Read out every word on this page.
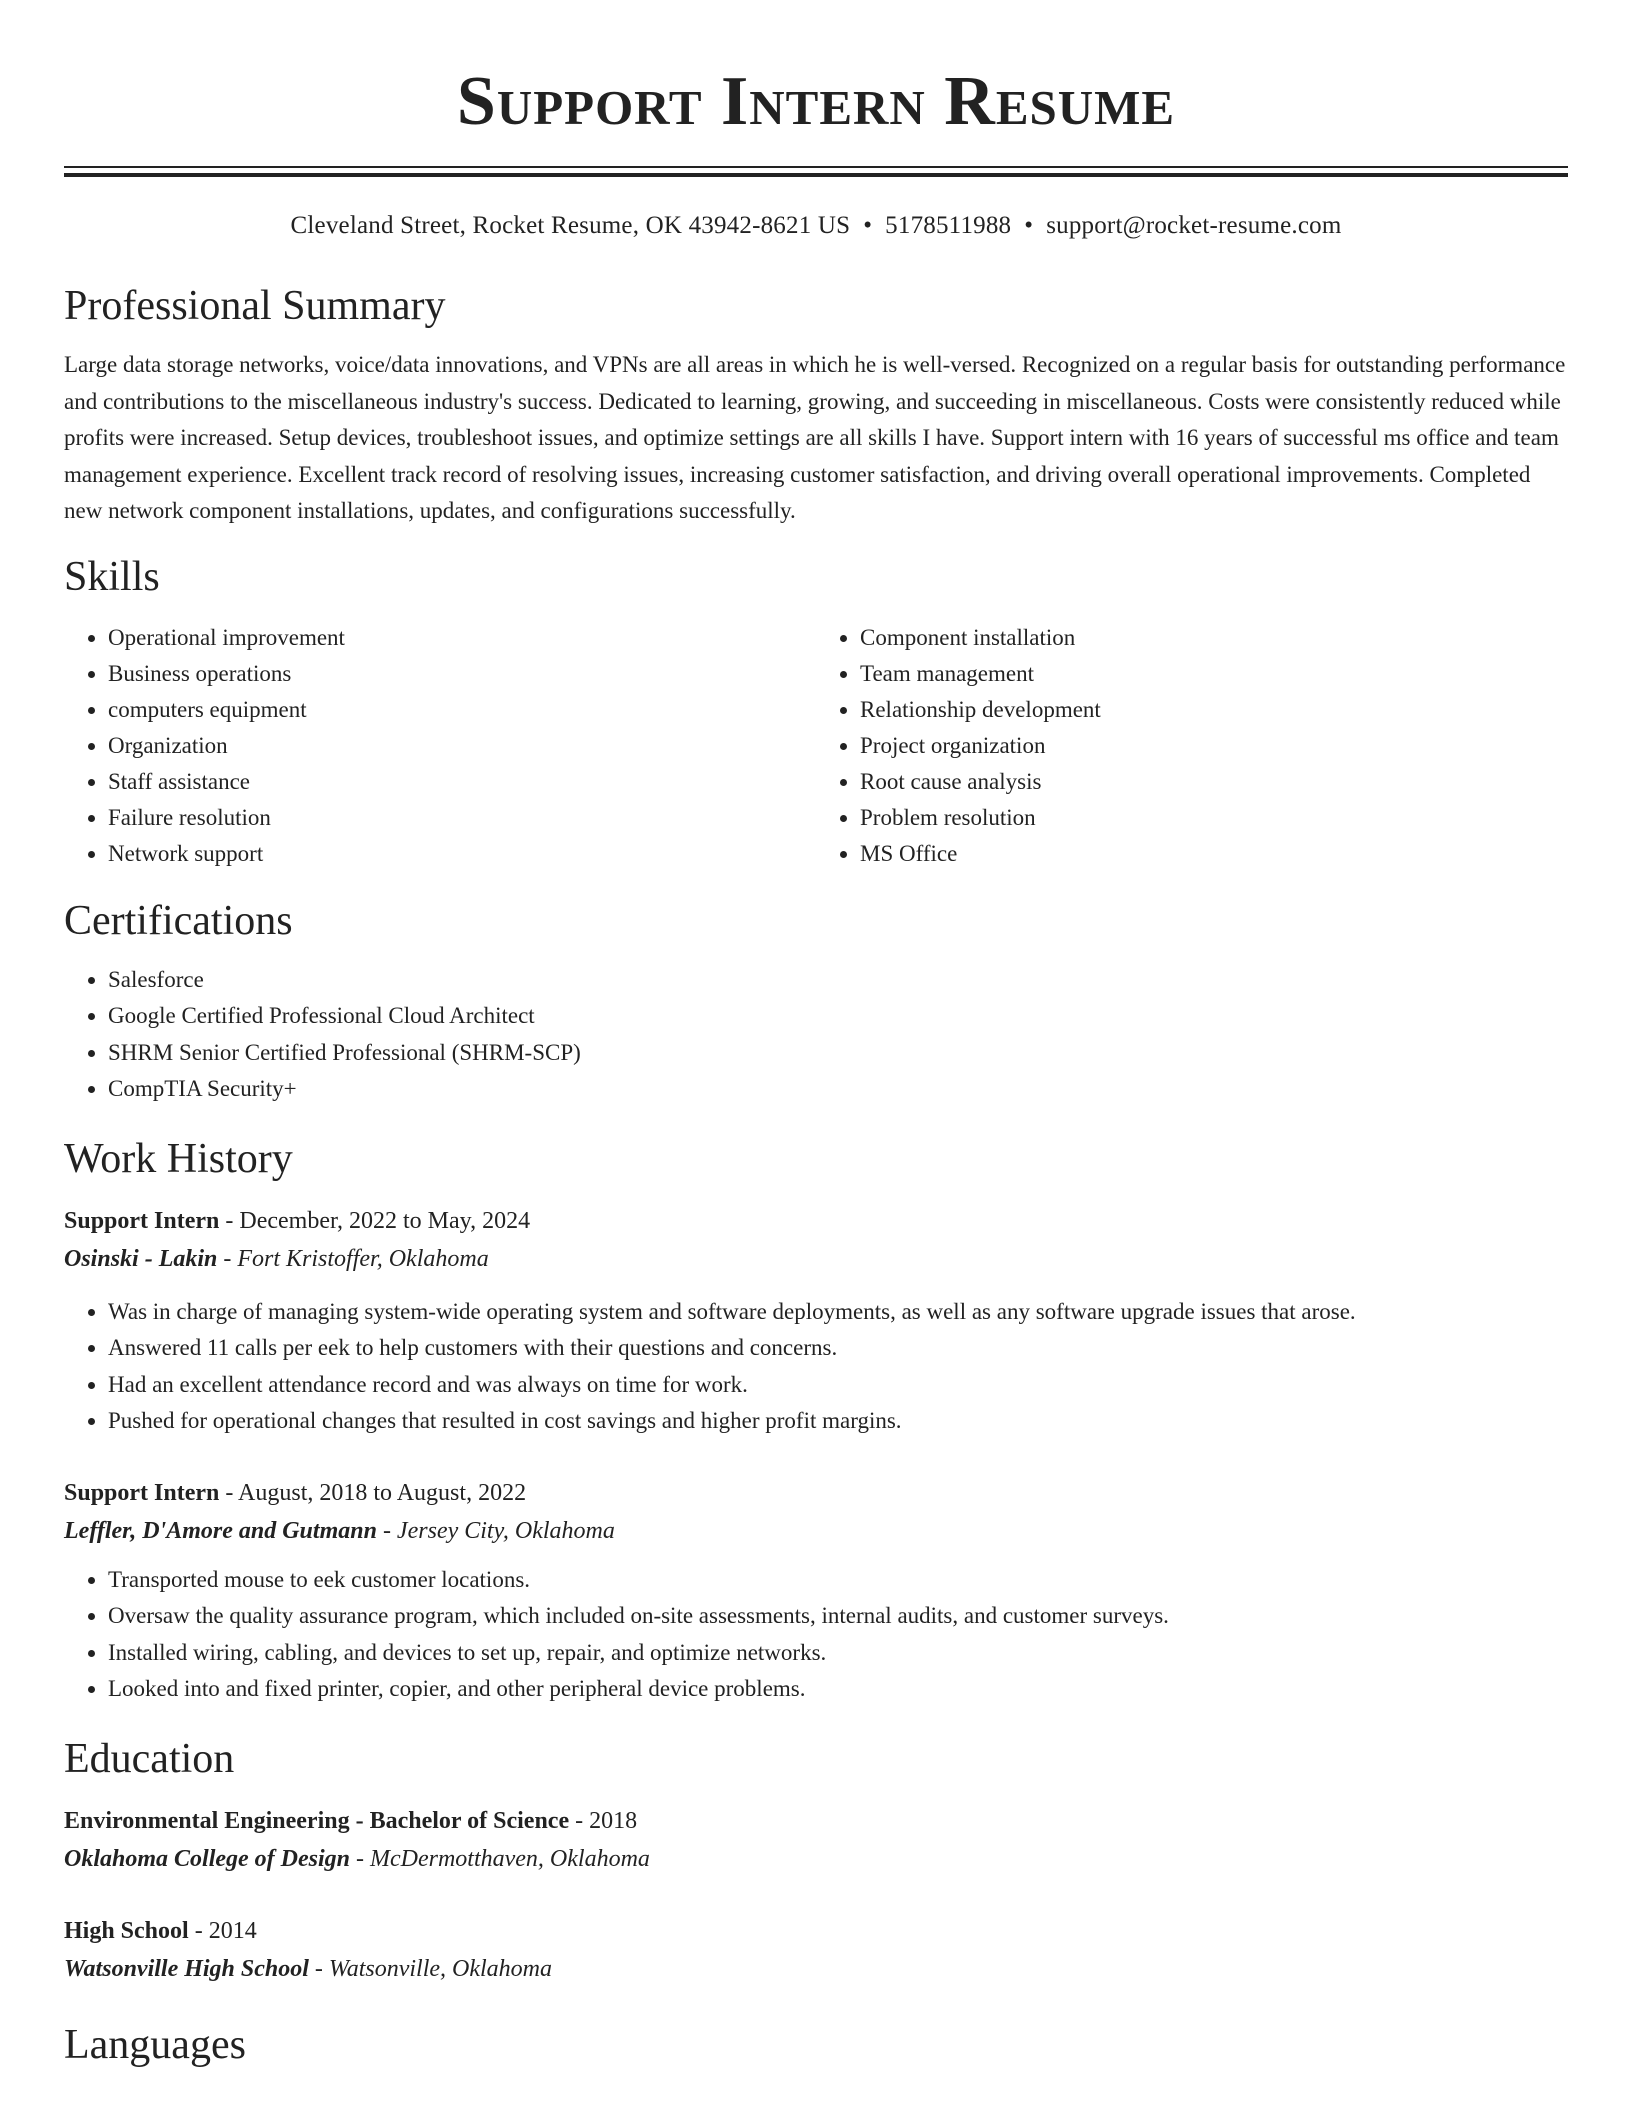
Support Intern Resume
Cleveland Street, Rocket Resume, OK 43942-8621 US • 5178511988 • support@rocket-resume.com
Professional Summary

Large data storage networks, voice/data innovations, and VPNs are all areas in which he is well-versed. Recognized on a regular basis for outstanding performance and contributions to the miscellaneous industry's success. Dedicated to learning, growing, and succeeding in miscellaneous. Costs were consistently reduced while profits were increased. Setup devices, troubleshoot issues, and optimize settings are all skills I have. Support intern with 16 years of successful ms office and team management experience. Excellent track record of resolving issues, increasing customer satisfaction, and driving overall operational improvements. Completed new network component installations, updates, and configurations successfully.

Skills
• Operational improvement
• Business operations
• computers equipment
• Organization
• Staff assistance
• Failure resolution
• Network support
• Component installation
• Team management
• Relationship development
• Project organization
• Root cause analysis
• Problem resolution
• MS Office
Certifications
• Salesforce
• Google Certified Professional Cloud Architect
• SHRM Senior Certified Professional (SHRM-SCP)
• CompTIA Security+
Work History
Support Intern - December, 2022 to May, 2024
Osinski - Lakin - Fort Kristoffer, Oklahoma
• Was in charge of managing system-wide operating system and software deployments, as well as any software upgrade issues that arose.
• Answered 11 calls per eek to help customers with their questions and concerns.
• Had an excellent attendance record and was always on time for work.
• Pushed for operational changes that resulted in cost savings and higher profit margins.
Support Intern - August, 2018 to August, 2022
Leffler, D'Amore and Gutmann - Jersey City, Oklahoma
• Transported mouse to eek customer locations.
• Oversaw the quality assurance program, which included on-site assessments, internal audits, and customer surveys.
• Installed wiring, cabling, and devices to set up, repair, and optimize networks.
• Looked into and fixed printer, copier, and other peripheral device problems.
Education
Environmental Engineering - Bachelor of Science - 2018
Oklahoma College of Design - McDermotthaven, Oklahoma
High School - 2014
Watsonville High School - Watsonville, Oklahoma
Languages
